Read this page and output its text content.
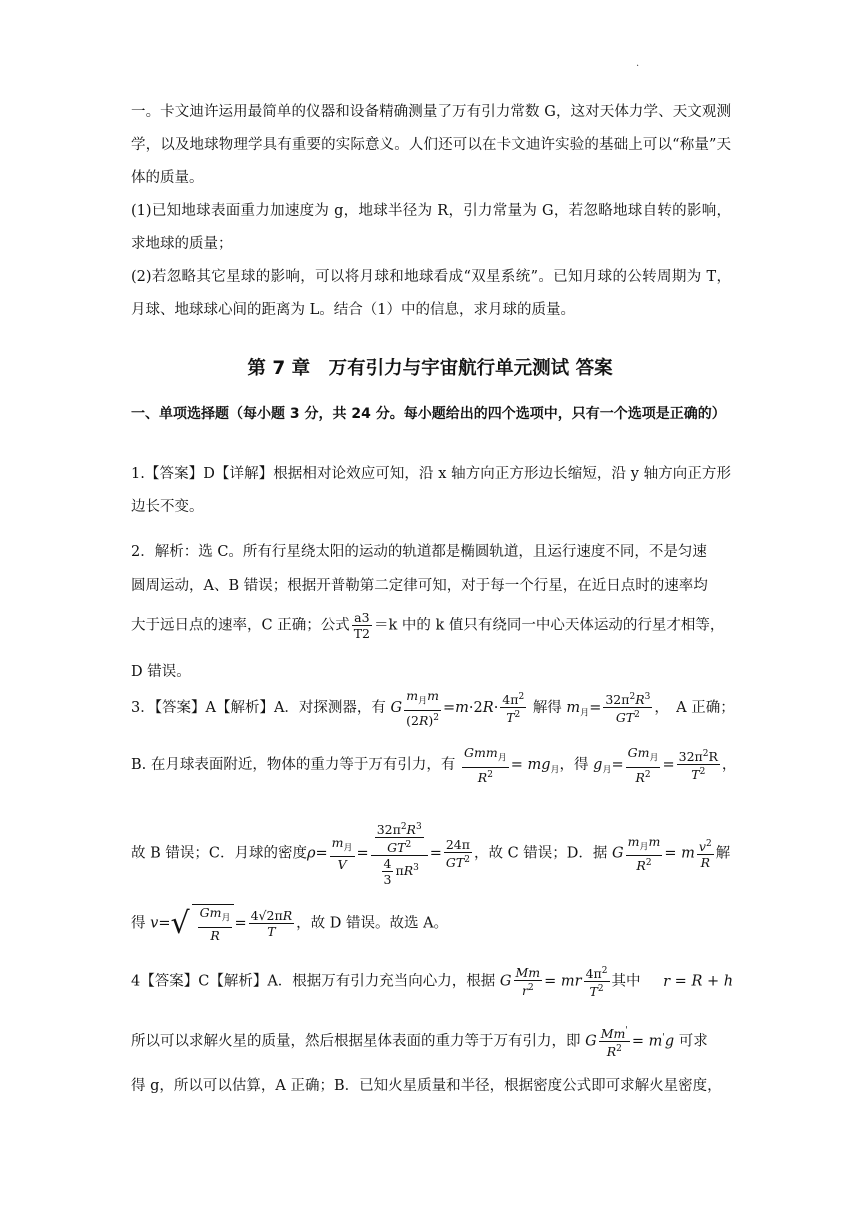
.

一。卡文迪许运用最简单的仪器和设备精确测量了万有引力常数 G，这对天体力学、天文观测学，以及地球物理学具有重要的实际意义。人们还可以在卡文迪许实验的基础上可以“称量”天体的质量。

(1)已知地球表面重力加速度为 g，地球半径为 R，引力常量为 G，若忽略地球自转的影响，求地球的质量；

(2)若忽略其它星球的影响，可以将月球和地球看成“双星系统”。已知月球的公转周期为 T，月球、地球球心间的距离为 L。结合（1）中的信息，求月球的质量。

第 7 章　万有引力与宇宙航行单元测试 答案

一、单项选择题（每小题 3 分，共 24 分。每小题给出的四个选项中，只有一个选项是正确的）

1.【答案】D【详解】根据相对论效应可知，沿 x 轴方向正方形边长缩短，沿 y 轴方向正方形边长不变。

2．解析：选 C。所有行星绕太阳的运动的轨道都是椭圆轨道，且运行速度不同，不是匀速
圆周运动，A、B 错误；根据开普勒第二定律可知，对于每一个行星，在近日点时的速率均
大于远日点的速率，C 正确；公式 $\frac{a3}{T2} =k$ 中的 k 值只有绕同一中心天体运动的行星才相等，
D 错误。
3．【答案】A【解析】A．对探测器，有 G $\frac{m_月m}{(2R)^2} =m\cdot 2R\cdot \frac{4\pi^2}{T^2}$ 解得 $m_月= \frac{32\pi^2R^3}{GT^2}$ ，　A 正确；
B. 在月球表面附近，物体的重力等于万有引力，有 $\frac{Gmm_月}{R^2} = mg_月$，得 $g_月= \frac{Gm_月}{R^2} = \frac{32\pi^2R}{T^2}$ ，
故 B 错误；C．月球的密度$\rho= \frac{m_月}{V} = \frac{\frac{32\pi^2R^3}{GT^2}}{\frac{4}{3} \pi R^3} = \frac{24\pi}{GT^2}$ ，故 C 错误；D．据 G $\frac{m_月m}{R^2} = m \frac{v^2}{R}$ 解
得 $v=√ \frac{Gm_月}{R} = \frac{4√2\pi R}{T}$ ，故 D 错误。故选 A。
4【答案】C【解析】A．根据万有引力充当向心力，根据 G $\frac{Mm}{r^2}$ = mr $\frac{4\pi^2}{T^2}$ 其中 r = R + h
所以可以求解火星的质量，然后根据星体表面的重力等于万有引力，即 G $\frac{Mm'}{R^2} = m'g$ 可求
得 g，所以可以估算，A 正确；B．已知火星质量和半径，根据密度公式即可求解火星密度，
